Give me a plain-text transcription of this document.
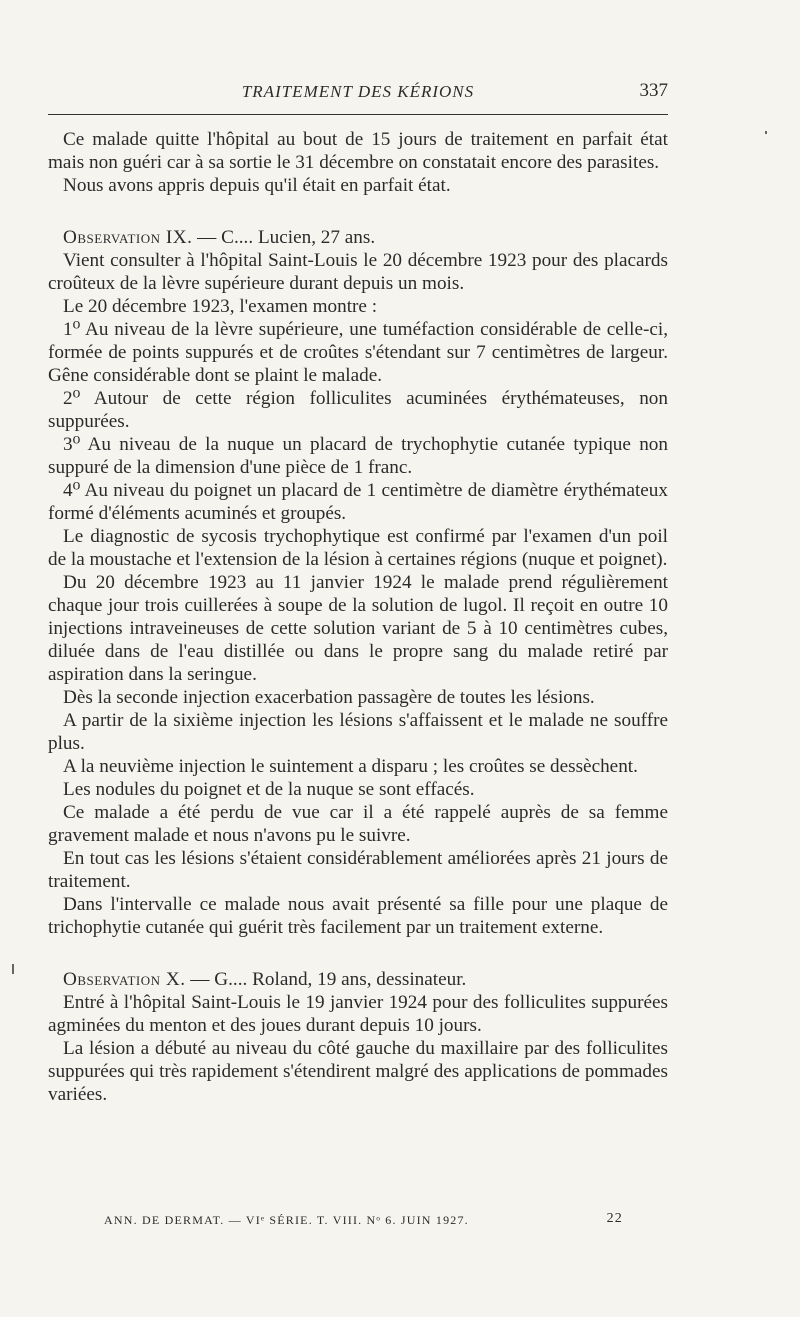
TRAITEMENT DES KÉRIONS	337

Ce malade quitte l'hôpital au bout de 15 jours de traitement en parfait état mais non guéri car à sa sortie le 31 décembre on constatait encore des parasites.

Nous avons appris depuis qu'il était en parfait état.

Observation IX. — C.... Lucien, 27 ans.

Vient consulter à l'hôpital Saint-Louis le 20 décembre 1923 pour des placards croûteux de la lèvre supérieure durant depuis un mois.

Le 20 décembre 1923, l'examen montre :

1⁰ Au niveau de la lèvre supérieure, une tuméfaction considérable de celle-ci, formée de points suppurés et de croûtes s'étendant sur 7 centimètres de largeur. Gêne considérable dont se plaint le malade.

2⁰ Autour de cette région folliculites acuminées érythémateuses, non suppurées.

3⁰ Au niveau de la nuque un placard de trychophytie cutanée typique non suppuré de la dimension d'une pièce de 1 franc.

4⁰ Au niveau du poignet un placard de 1 centimètre de diamètre érythémateux formé d'éléments acuminés et groupés.

Le diagnostic de sycosis trychophytique est confirmé par l'examen d'un poil de la moustache et l'extension de la lésion à certaines régions (nuque et poignet).

Du 20 décembre 1923 au 11 janvier 1924 le malade prend régulièrement chaque jour trois cuillerées à soupe de la solution de lugol. Il reçoit en outre 10 injections intraveineuses de cette solution variant de 5 à 10 centimètres cubes, diluée dans de l'eau distillée ou dans le propre sang du malade retiré par aspiration dans la seringue.

Dès la seconde injection exacerbation passagère de toutes les lésions.

A partir de la sixième injection les lésions s'affaissent et le malade ne souffre plus.

A la neuvième injection le suintement a disparu ; les croûtes se dessèchent.

Les nodules du poignet et de la nuque se sont effacés.

Ce malade a été perdu de vue car il a été rappelé auprès de sa femme gravement malade et nous n'avons pu le suivre.

En tout cas les lésions s'étaient considérablement améliorées après 21 jours de traitement.

Dans l'intervalle ce malade nous avait présenté sa fille pour une plaque de trichophytie cutanée qui guérit très facilement par un traitement externe.

Observation X. — G.... Roland, 19 ans, dessinateur.

Entré à l'hôpital Saint-Louis le 19 janvier 1924 pour des folliculites suppurées agminées du menton et des joues durant depuis 10 jours.

La lésion a débuté au niveau du côté gauche du maxillaire par des folliculites suppurées qui très rapidement s'étendirent malgré des applications de pommades variées.

ANN. DE DERMAT. — VIᵉ SÉRIE. T. VIII. Nᵒ 6. JUIN 1927.	22
